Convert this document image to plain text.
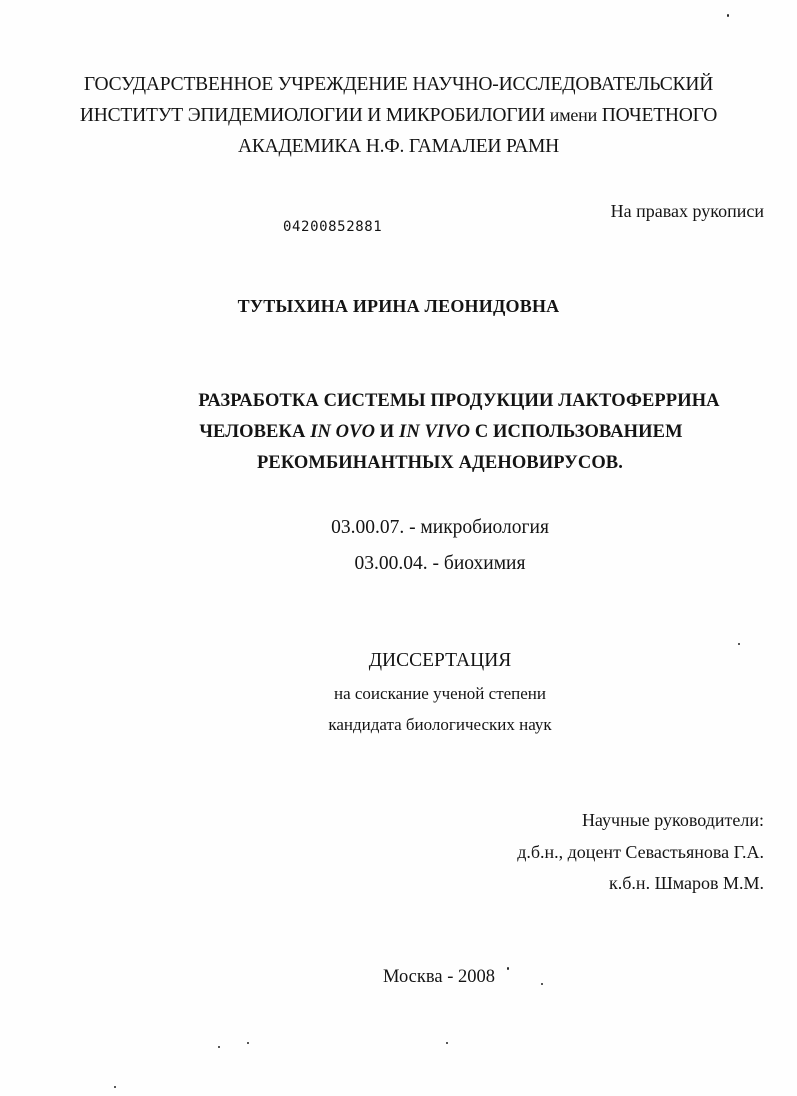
ГОСУДАРСТВЕННОЕ УЧРЕЖДЕНИЕ НАУЧНО-ИССЛЕДОВАТЕЛЬСКИЙ
ИНСТИТУТ ЭПИДЕМИОЛОГИИ И МИКРОБИЛОГИИ имени ПОЧЕТНОГО
АКАДЕМИКА Н.Ф. ГАМАЛЕИ РАМН
На правах рукописи
04200852881
ТУТЫХИНА ИРИНА ЛЕОНИДОВНА
РАЗРАБОТКА СИСТЕМЫ ПРОДУКЦИИ ЛАКТОФЕРРИНА
ЧЕЛОВЕКА IN OVO И IN VIVO С ИСПОЛЬЗОВАНИЕМ
РЕКОМБИНАНТНЫХ АДЕНОВИРУСОВ.
03.00.07. - микробиология
03.00.04. - биохимия
ДИССЕРТАЦИЯ
на соискание ученой степени
кандидата биологических наук
Научные руководители:
д.б.н., доцент Севастьянова Г.А.
к.б.н. Шмаров М.М.
Москва - 2008
